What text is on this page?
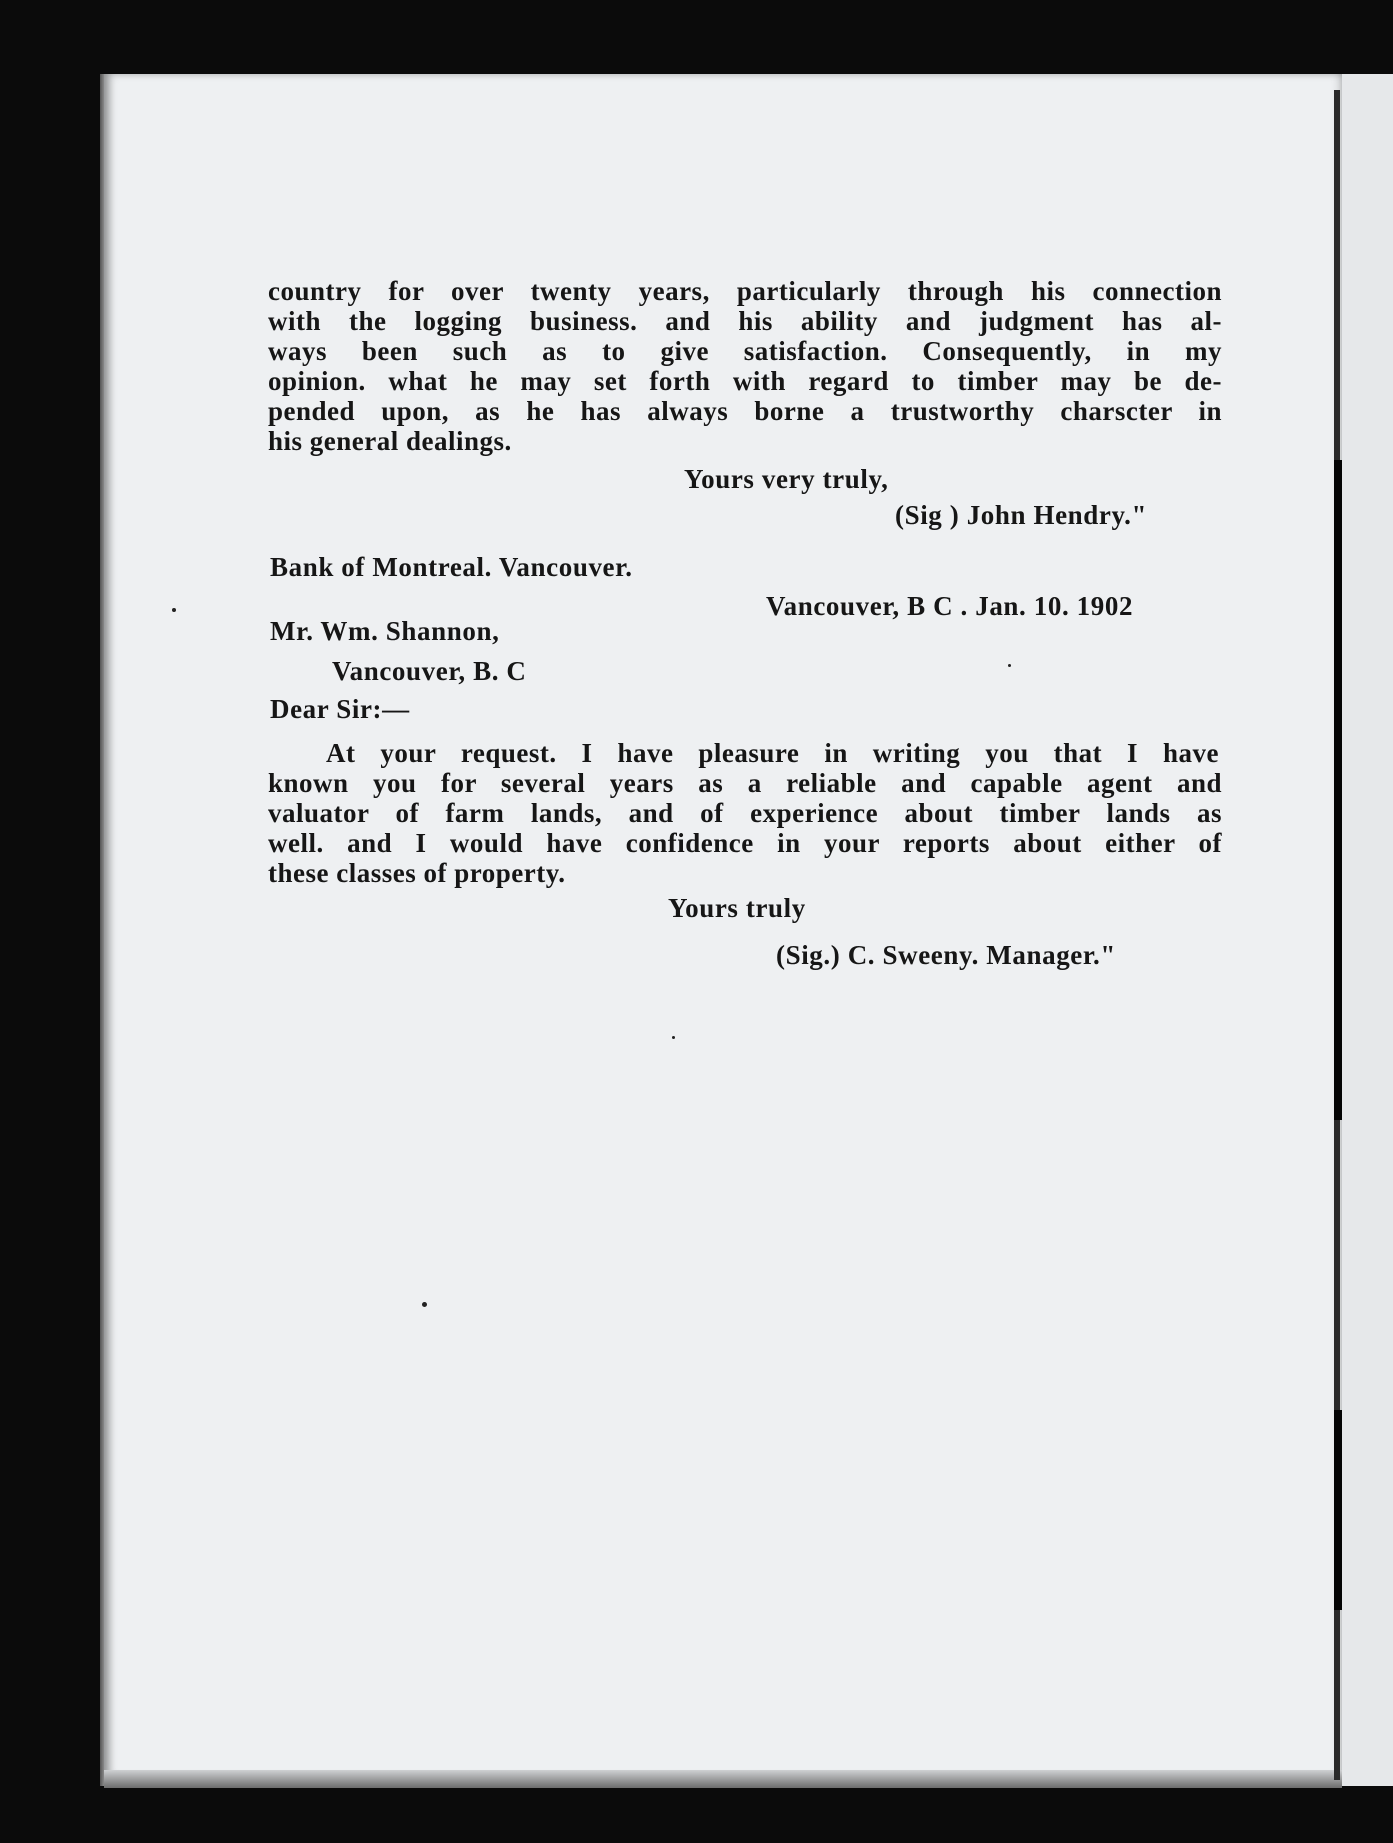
country for over twenty years, particularly through his connection
with the logging business. and his ability and judgment has al-
ways been such as to give satisfaction. Consequently, in my
opinion. what he may set forth with regard to timber may be de-
pended upon, as he has always borne a trustworthy charscter in
his general dealings.
Yours very truly,
(Sig ) John Hendry."
Bank of Montreal. Vancouver.
Vancouver, B C . Jan. 10. 1902
Mr. Wm. Shannon,
Vancouver, B. C
Dear Sir:—
At your request. I have pleasure in writing you that I have
known you for several years as a reliable and capable agent and
valuator of farm lands, and of experience about timber lands as
well. and I would have confidence in your reports about either of
these classes of property.
Yours truly
(Sig.) C. Sweeny. Manager."
